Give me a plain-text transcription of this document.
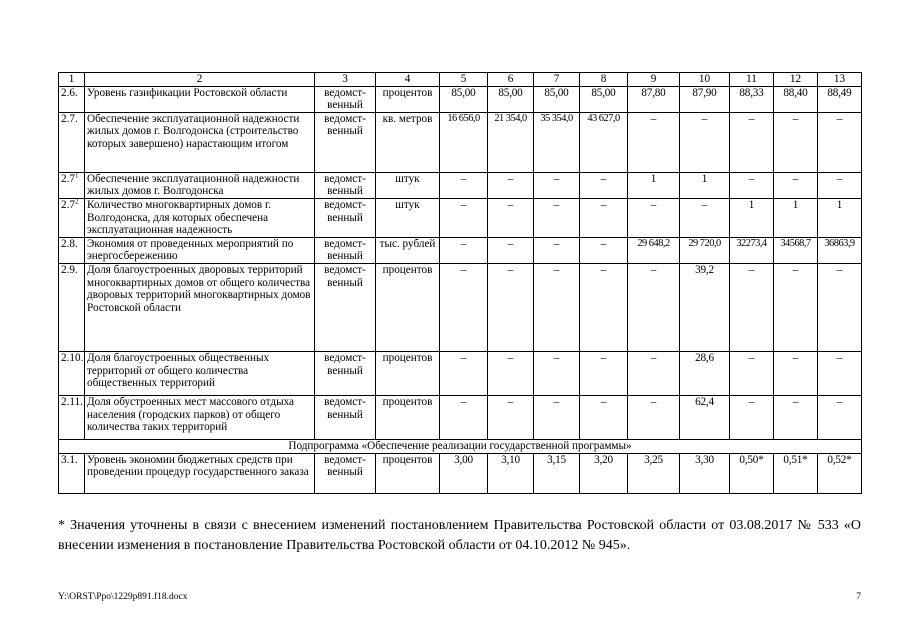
1	2	3	4	5	6	7	8	9	10	11	12	13
2.6.	Уровень газификации Ростовской области	ведомст-венный	процентов	85,00	85,00	85,00	85,00	87,80	87,90	88,33	88,40	88,49
2.7.	Обеспечение эксплуатационной надежности жилых домов г. Волгодонска (строительство которых завершено) нарастающим итогом	ведомст-венный	кв. метров	16 656,0	21 354,0	35 354,0	43 627,0	–	–	–	–	–
$2.7^1$	Обеспечение эксплуатационной надежности жилых домов г. Волгодонска	ведомст-венный	штук	–	–	–	–	1	1	–	–	–
$2.7^2$	Количество многоквартирных домов г. Волгодонска, для которых обеспечена эксплуатационная надежность	ведомст-венный	штук	–	–	–	–	–	–	1	1	1
2.8.	Экономия от проведенных мероприятий по энергосбережению	ведомст-венный	тыс. рублей	–	–	–	–	29 648,2	29 720,0	32273,4	34568,7	36863,9
2.9.	Доля благоустроенных дворовых территорий многоквартирных домов от общего количества дворовых территорий многоквартирных домов Ростовской области	ведомст-венный	процентов	–	–	–	–	–	39,2	–	–	–
2.10.	Доля благоустроенных общественных территорий от общего количества общественных территорий	ведомст-венный	процентов	–	–	–	–	–	28,6	–	–	–
2.11.	Доля обустроенных мест массового отдыха населения (городских парков) от общего количества таких территорий	ведомст-венный	процентов	–	–	–	–	–	62,4	–	–	–
Подпрограмма «Обеспечение реализации государственной программы»												
3.1.	Уровень экономии бюджетных средств при проведении процедур государственного заказа	ведомст-венный	процентов	3,00	3,10	3,15	3,20	3,25	3,30	0,50*	0,51*	0,52*
* Значения уточнены в связи с внесением изменений постановлением Правительства Ростовской области от 03.08.2017 № 533 «О внесении изменения в постановление Правительства Ростовской области от 04.10.2012 № 945».
Y:\ORST\Ppo\1229p891.f18.docx	7
